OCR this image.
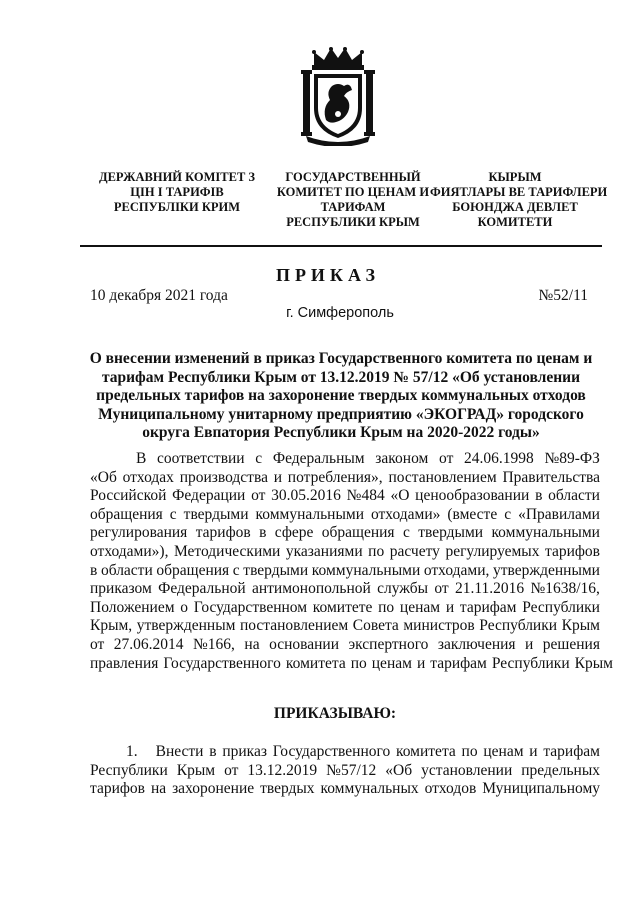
ДЕРЖАВНИЙ КОМІТЕТ З
ЦІН І ТАРИФІВ
РЕСПУБЛІКИ КРИМ
ГОСУДАРСТВЕННЫЙ
КОМИТЕТ ПО ЦЕНАМ И
ТАРИФАМ
РЕСПУБЛИКИ КРЫМ
КЫРЫМ
ФИЯТЛАРЫ ВЕ ТАРИФЛЕРИ
БОЮНДЖА ДЕВЛЕТ
КОМИТЕТИ
ПРИКАЗ
10 декабря 2021 года	№52/11
г. Симферополь
О внесении изменений в приказ Государственного комитета по ценам и
тарифам Республики Крым от 13.12.2019 № 57/12 «Об установлении
предельных тарифов на захоронение твердых коммунальных отходов
Муниципальному унитарному предприятию «ЭКОГРАД» городского
округа Евпатория Республики Крым на 2020-2022 годы»
В соответствии с Федеральным законом от 24.06.1998 №89-ФЗ
«Об отходах производства и потребления», постановлением Правительства
Российской Федерации от 30.05.2016 №484 «О ценообразовании в области
обращения с твердыми коммунальными отходами» (вместе с «Правилами
регулирования тарифов в сфере обращения с твердыми коммунальными
отходами»), Методическими указаниями по расчету регулируемых тарифов
в области обращения с твердыми коммунальными отходами, утвержденными
приказом Федеральной антимонопольной службы от 21.11.2016 №1638/16,
Положением о Государственном комитете по ценам и тарифам Республики
Крым, утвержденным постановлением Совета министров Республики Крым
от 27.06.2014 №166, на основании экспертного заключения и решения
правления Государственного комитета по ценам и тарифам Республики Крым
ПРИКАЗЫВАЮ:
1. Внести в приказ Государственного комитета по ценам и тарифам
Республики Крым от 13.12.2019 №57/12 «Об установлении предельных
тарифов на захоронение твердых коммунальных отходов Муниципальному
